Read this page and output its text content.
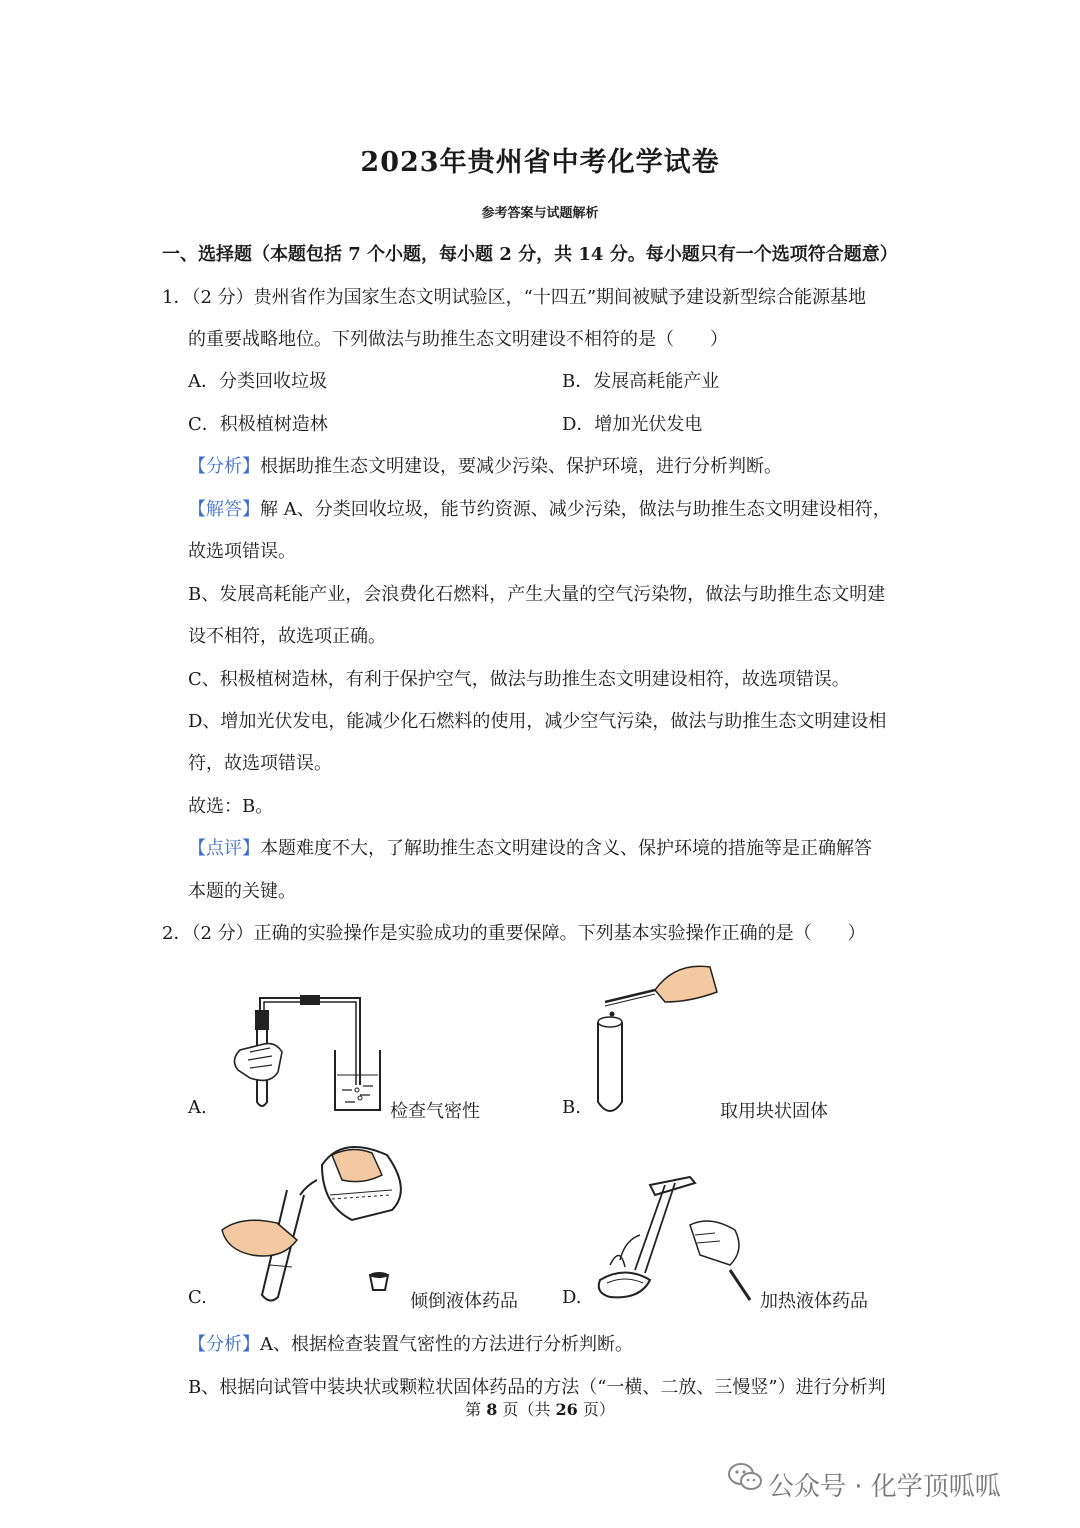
2023年贵州省中考化学试卷
参考答案与试题解析
一、选择题（本题包括 7 个小题，每小题 2 分，共 14 分。每小题只有一个选项符合题意）
1．（2 分）贵州省作为国家生态文明试验区，“十四五”期间被赋予建设新型综合能源基地
的重要战略地位。下列做法与助推生态文明建设不相符的是（　　）
A．分类回收垃圾	B．发展高耗能产业
C．积极植树造林	D．增加光伏发电
【分析】根据助推生态文明建设，要减少污染、保护环境，进行分析判断。
【解答】解 A、分类回收垃圾，能节约资源、减少污染，做法与助推生态文明建设相符，
故选项错误。
B、发展高耗能产业，会浪费化石燃料，产生大量的空气污染物，做法与助推生态文明建
设不相符，故选项正确。
C、积极植树造林，有利于保护空气，做法与助推生态文明建设相符，故选项错误。
D、增加光伏发电，能减少化石燃料的使用，减少空气污染，做法与助推生态文明建设相
符，故选项错误。
故选：B。
【点评】本题难度不大，了解助推生态文明建设的含义、保护环境的措施等是正确解答
本题的关键。
2．（2 分）正确的实验操作是实验成功的重要保障。下列基本实验操作正确的是（　　）
A.	检查气密性	B.	取用块状固体
C.	倾倒液体药品 D.	加热液体药品
【分析】A、根据检查装置气密性的方法进行分析判断。
B、根据向试管中装块状或颗粒状固体药品的方法（“一横、二放、三慢竖”）进行分析判
第 8 页（共 26 页）
公众号 · 化学顶呱呱
